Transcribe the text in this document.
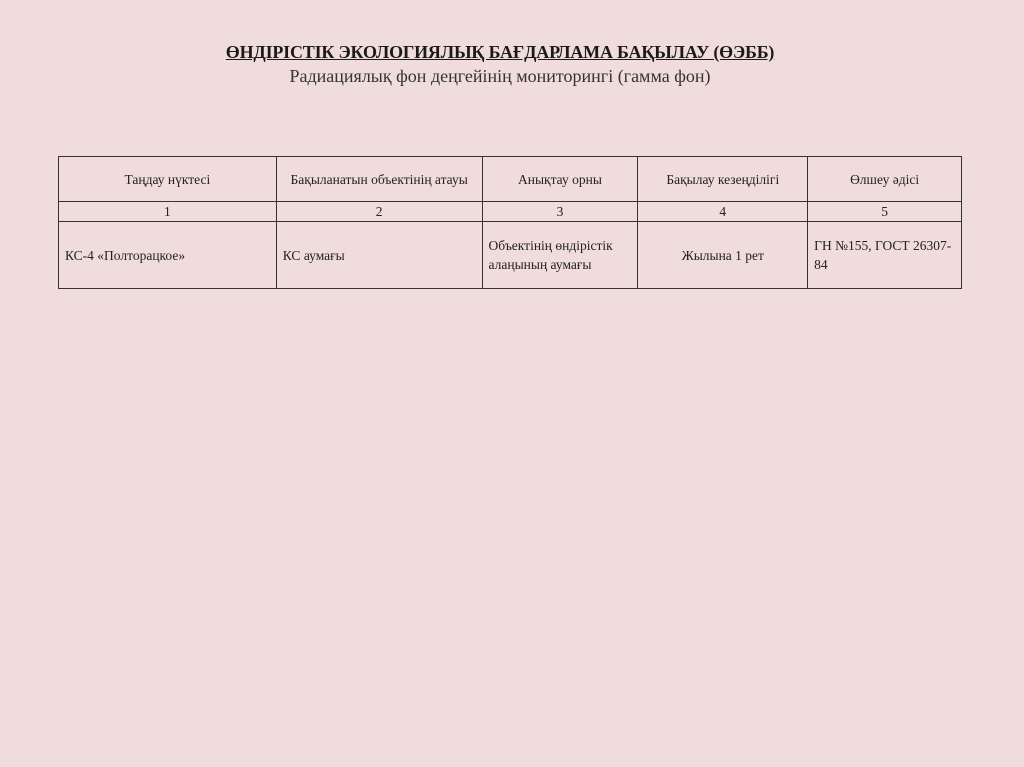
ӨНДІРІСТІК ЭКОЛОГИЯЛЫҚ БАҒДАРЛАМА БАҚЫЛАУ (ӨЭББ)
Радиациялық фон деңгейінің мониторингі (гамма фон)
Таңдау нүктесі	Бақыланатын объектінің атауы	Анықтау орны	Бақылау кезеңділігі	Өлшеу әдісі
1	2	3	4	5
КС-4 «Полторацкое»	КС аумағы	Объектінің өндірістік алаңының аумағы	Жылына 1 рет	ГН №155, ГОСТ 26307-84
